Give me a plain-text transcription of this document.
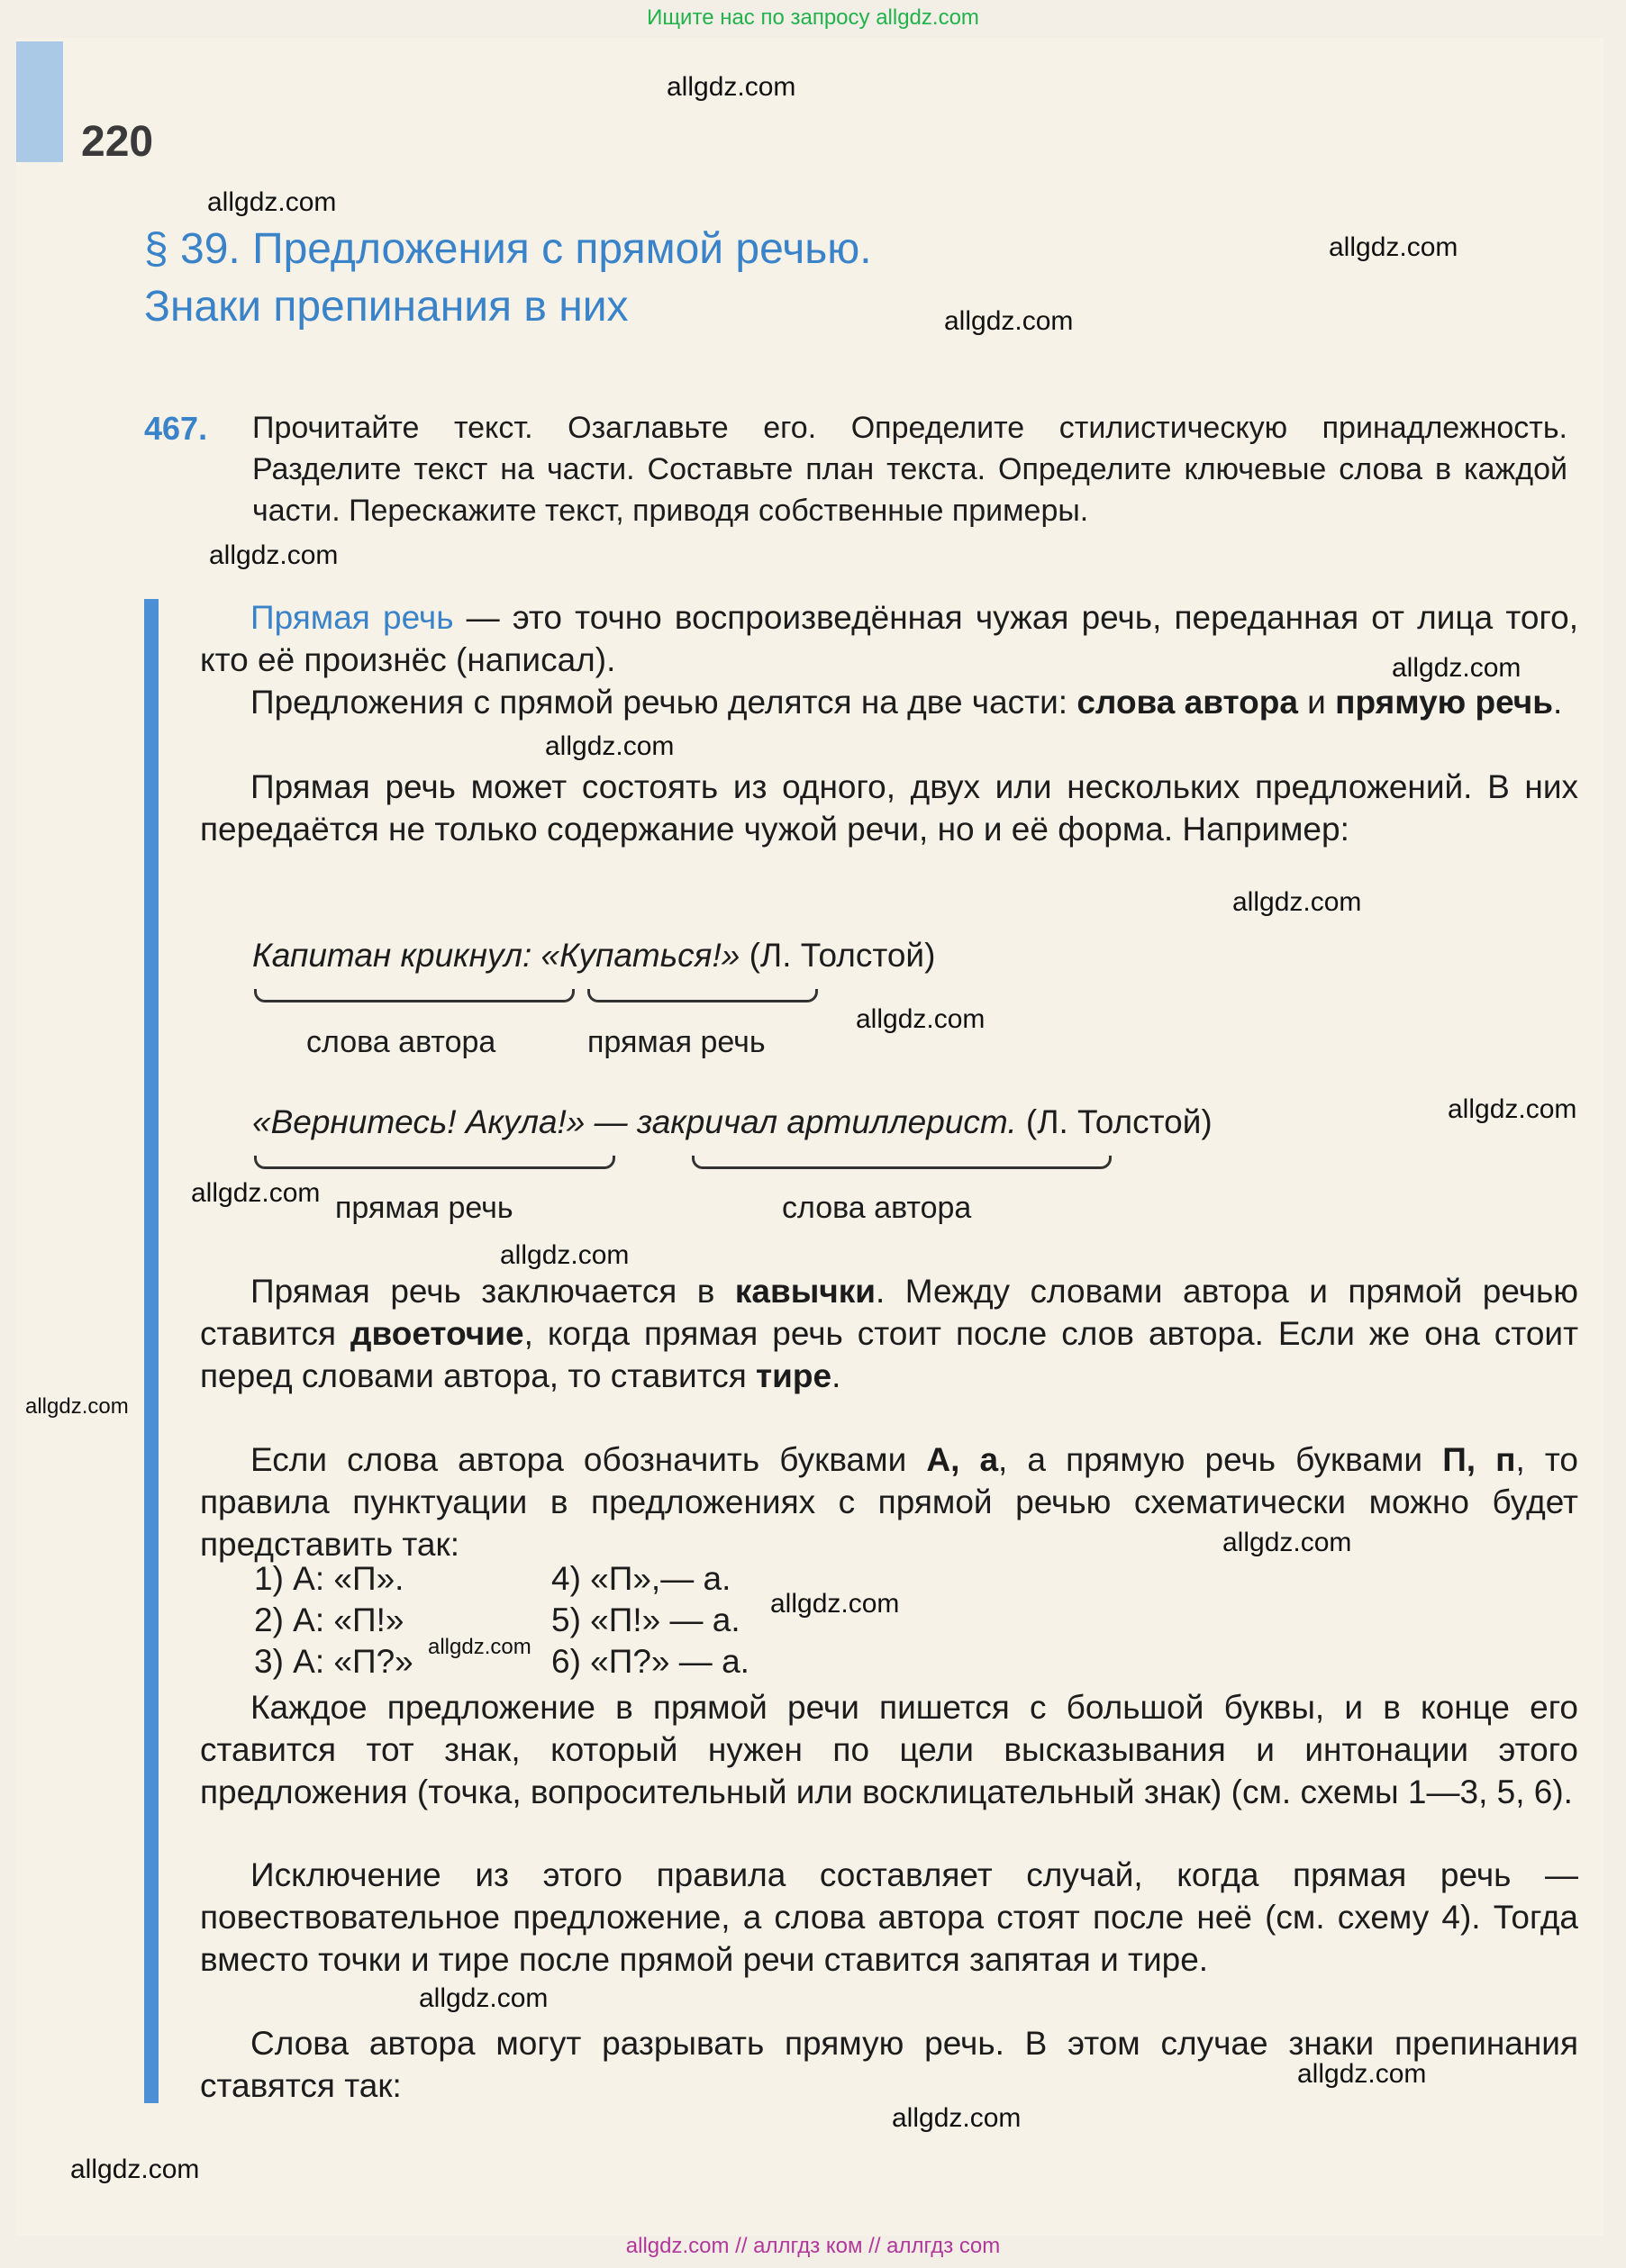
Ищите нас по запросу allgdz.com
220
§ 39. Предложения с прямой речью.
Знаки препинания в них
467. Прочитайте текст. Озаглавьте его. Определите стилистическую принадлежность. Разделите текст на части. Составьте план текста. Определите ключевые слова в каждой части. Перескажите текст, приводя собственные примеры.

Прямая речь — это точно воспроизведённая чужая речь, переданная от лица того, кто её произнёс (написал).

Предложения с прямой речью делятся на две части: слова автора и прямую речь.

Прямая речь может состоять из одного, двух или нескольких предложений. В них передаётся не только содержание чужой речи, но и её форма. Например:

Капитан крикнул: «Купаться!» (Л. Толстой)
слова автора	прямая речь
«Вернитесь! Акула!» — закричал артиллерист. (Л. Толстой)
прямая речь	слова автора

Прямая речь заключается в кавычки. Между словами автора и прямой речью ставится двоеточие, когда прямая речь стоит после слов автора. Если же она стоит перед словами автора, то ставится тире.

Если слова автора обозначить буквами А, а, а прямую речь буквами П, п, то правила пунктуации в предложениях с прямой речью схематически можно будет представить так:

1) А: «П».	4) «П»,— а.
2) А: «П!»	5) «П!» — а.
3) А: «П?»	6) «П?» — а.

Каждое предложение в прямой речи пишется с большой буквы, и в конце его ставится тот знак, который нужен по цели высказывания и интонации этого предложения (точка, вопросительный или восклицательный знак) (см. схемы 1—3, 5, 6).

Исключение из этого правила составляет случай, когда прямая речь — повествовательное предложение, а слова автора стоят после неё (см. схему 4). Тогда вместо точки и тире после прямой речи ставится запятая и тире.

Слова автора могут разрывать прямую речь. В этом случае знаки препинания ставятся так:

allgdz.com
allgdz.com
allgdz.com
allgdz.com
allgdz.com
allgdz.com
allgdz.com
allgdz.com
allgdz.com
allgdz.com
allgdz.com
allgdz.com
allgdz.com
allgdz.com
allgdz.com
allgdz.com
allgdz.com
allgdz.com
allgdz.com
allgdz.com
allgdz.com // аллгдз ком // аллгдз com
